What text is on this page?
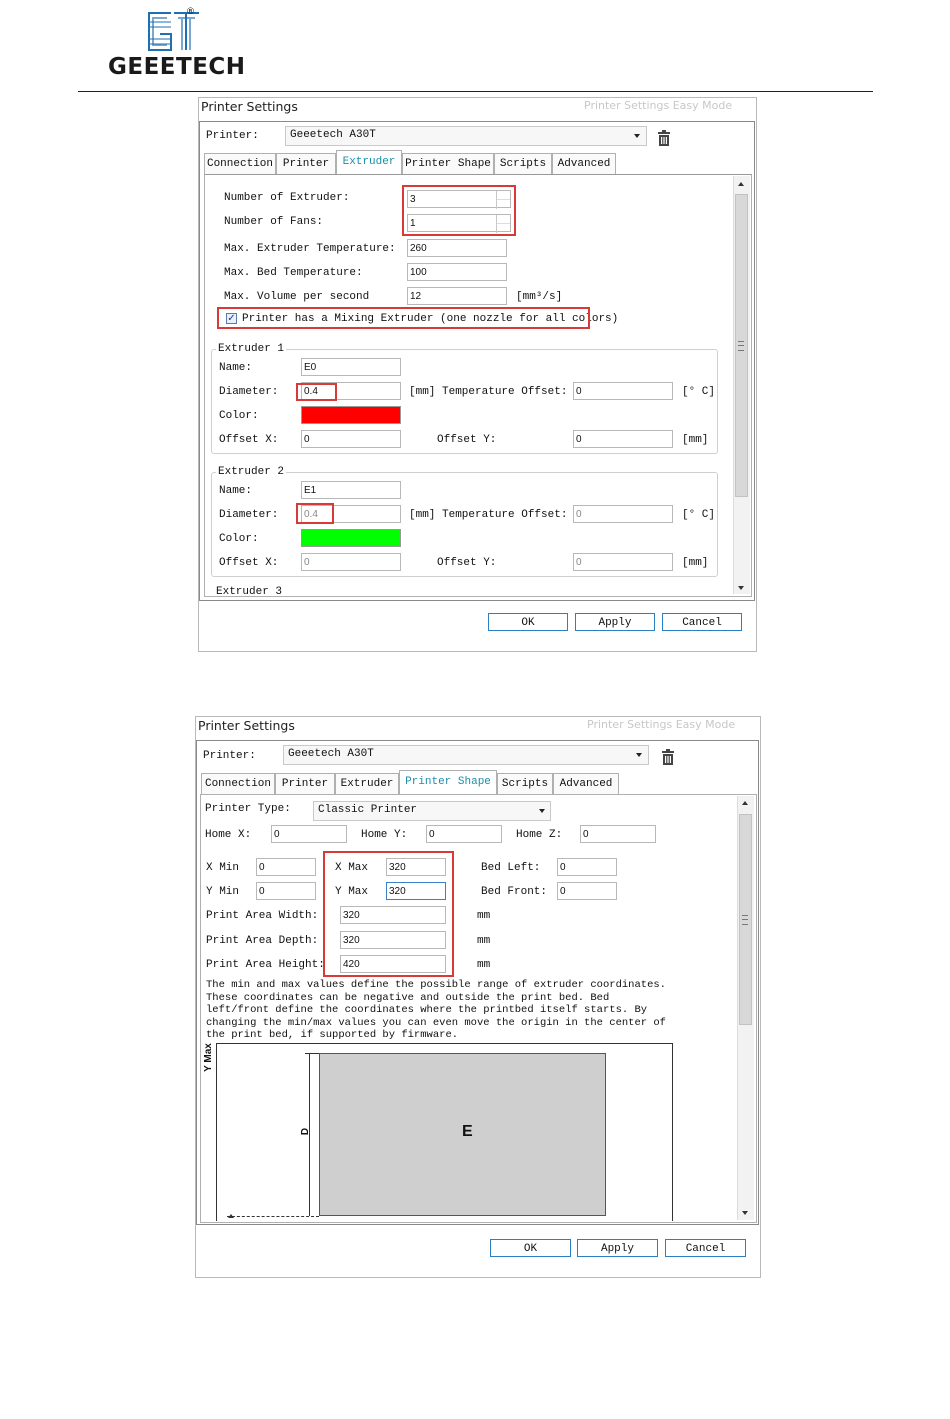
®
GEEETECH
Printer Settings	Printer Settings Easy Mode
Printer:	Geeetech A30T
Connection Printer	Extruder Printer Shape Scripts	Advanced
Number of Extruder:	3
Number of Fans:	1
Max. Extruder Temperature:	260
Max. Bed Temperature:	100
Max. Volume per second	12	[mm³/s]
✓ Printer has a Mixing Extruder (one nozzle for all colors)
Extruder 1
Name:	E0
Diameter:	0.4	[mm] Temperature Offset: 0	[° C]
Color:
Offset X:	0	Offset Y:	0	[mm]
Extruder 2
Name:	E1
Diameter:	0.4	[mm] Temperature Offset: 0	[° C]
Color:
Offset X:	0	Offset Y:	0	[mm]
Extruder 3
OK	Apply	Cancel
Printer Settings	Printer Settings Easy Mode
Printer:	Geeetech A30T
Connection Printer	Extruder	Printer Shape Scripts	Advanced
Printer Type: Classic Printer
Home X:	0	Home Y:	0	Home Z:	0
X Min	0	X Max	320	Bed Left:	0
Y Min	0	Y Max	320	Bed Front:	0
Print Area Width:	320	mm
Print Area Depth:	320	mm
Print Area Height:	420	mm
The min and max values define the possible range of extruder coordinates.
These coordinates can be negative and outside the print bed. Bed
left/front define the coordinates where the printbed itself starts. By
changing the min/max values you can even move the origin in the center of
the print bed, if supported by firmware.
E
D
Y Max
OK	Apply	Cancel
